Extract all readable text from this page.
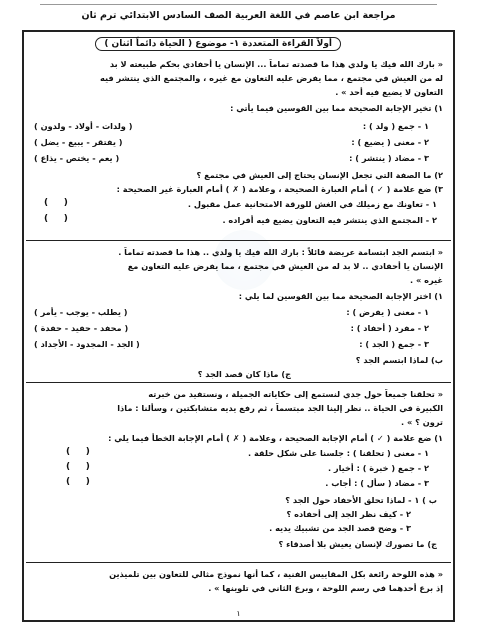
مراجعة ابن عاصم في اللغة العربية الصف السادس الابتدائي ترم ثان
أولاً القراءة المتعددة ١- موضوع ( الحياة دائماً اثنان )
« بارك الله فيك يا ولدي هذا ما قصدته تماماً ... الإنسان يا أحفادي بحكم طبيعته لا بد
له من العيش في مجتمع ، مما يفرض عليه التعاون مع غيره ، والمجتمع الذي ينتشر فيه
التعاون لا يضيع فيه أحد » .
١) تخير الإجابة الصحيحة مما بين القوسين فيما يأتي :
١ - جمع ( ولد ) :
( ولدات - أولاد - ولدون )
٢ - معنى ( يضيع ) :
( يفتقر - يبيع - يضل )
٣ - مضاد ( ينتشر ) :
( يعم - يختص - يذاع )
٢) ما الصفة التي تجعل الإنسان يحتاج إلى العيش في مجتمع ؟
٣) ضع علامة ( ✓ ) أمام العبارة الصحيحة ، وعلامة ( ✗ ) أمام العبارة غير الصحيحة :
١ - تعاونك مع زميلك في الغش للورقة الامتحانية عمل مقبول .
(     )
٢ - المجتمع الذي ينتشر فيه التعاون يضيع فيه أفراده .
(     )
« ابتسم الجد ابتسامة عريضة قائلاً : بارك الله فيك يا ولدي .. هذا ما قصدته تماماً .
الإنسان يا أحفادي .. لا بد له من العيش في مجتمع ، مما يفرض عليه التعاون مع
غيره » .
١) اختر الإجابة الصحيحة مما بين القوسين لما يلي :
١ - معنى ( يفرض ) :
( يطلب - يوجب - يأمر )
٢ - مفرد ( أحفاد ) :
( محفد - حفيد - حفدة )
٣ - جمع ( الجد ) :
( الجد - المجدود - الأجداد )
ب) لماذا ابتسم الجد ؟
ج) ماذا كان قصد الجد ؟
« تحلقنا جميعاً حول جدي لنستمع إلى حكاياته الجميلة ، ونستفيد من خبرته
الكبيرة في الحياة .. نظر إلينا الجد مبتسماً ، ثم رفع يديه متشابكتين ، وسألنا : ماذا
ترون ؟ » .
١) ضع علامة ( ✓ ) أمام الإجابة الصحيحة ، وعلامة ( ✗ ) أمام الإجابة الخطأ فيما يلي :
١ - معنى ( تحلقنا ) : جلسنا على شكل حلقة .
(     )
٢ - جمع ( خبرة ) : أخيار .
(     )
٣ - مضاد ( سأل ) : أجاب .
(     )
ب ) ١ - لماذا تحلق الأحفاد حول الجد ؟
٢ - كيف نظر الجد إلى أحفاده ؟
٣ - وضح قصد الجد من تشبيك يديه .
ج) ما تصورك لإنسان يعيش بلا أصدقاء ؟
« هذه اللوحة رائعة بكل المقاييس الفنية ، كما أنها نموذج مثالي للتعاون بين تلميذين
إذ برع أحدهما في رسم اللوحة ، وبرع الثاني في تلوينها » .
١
